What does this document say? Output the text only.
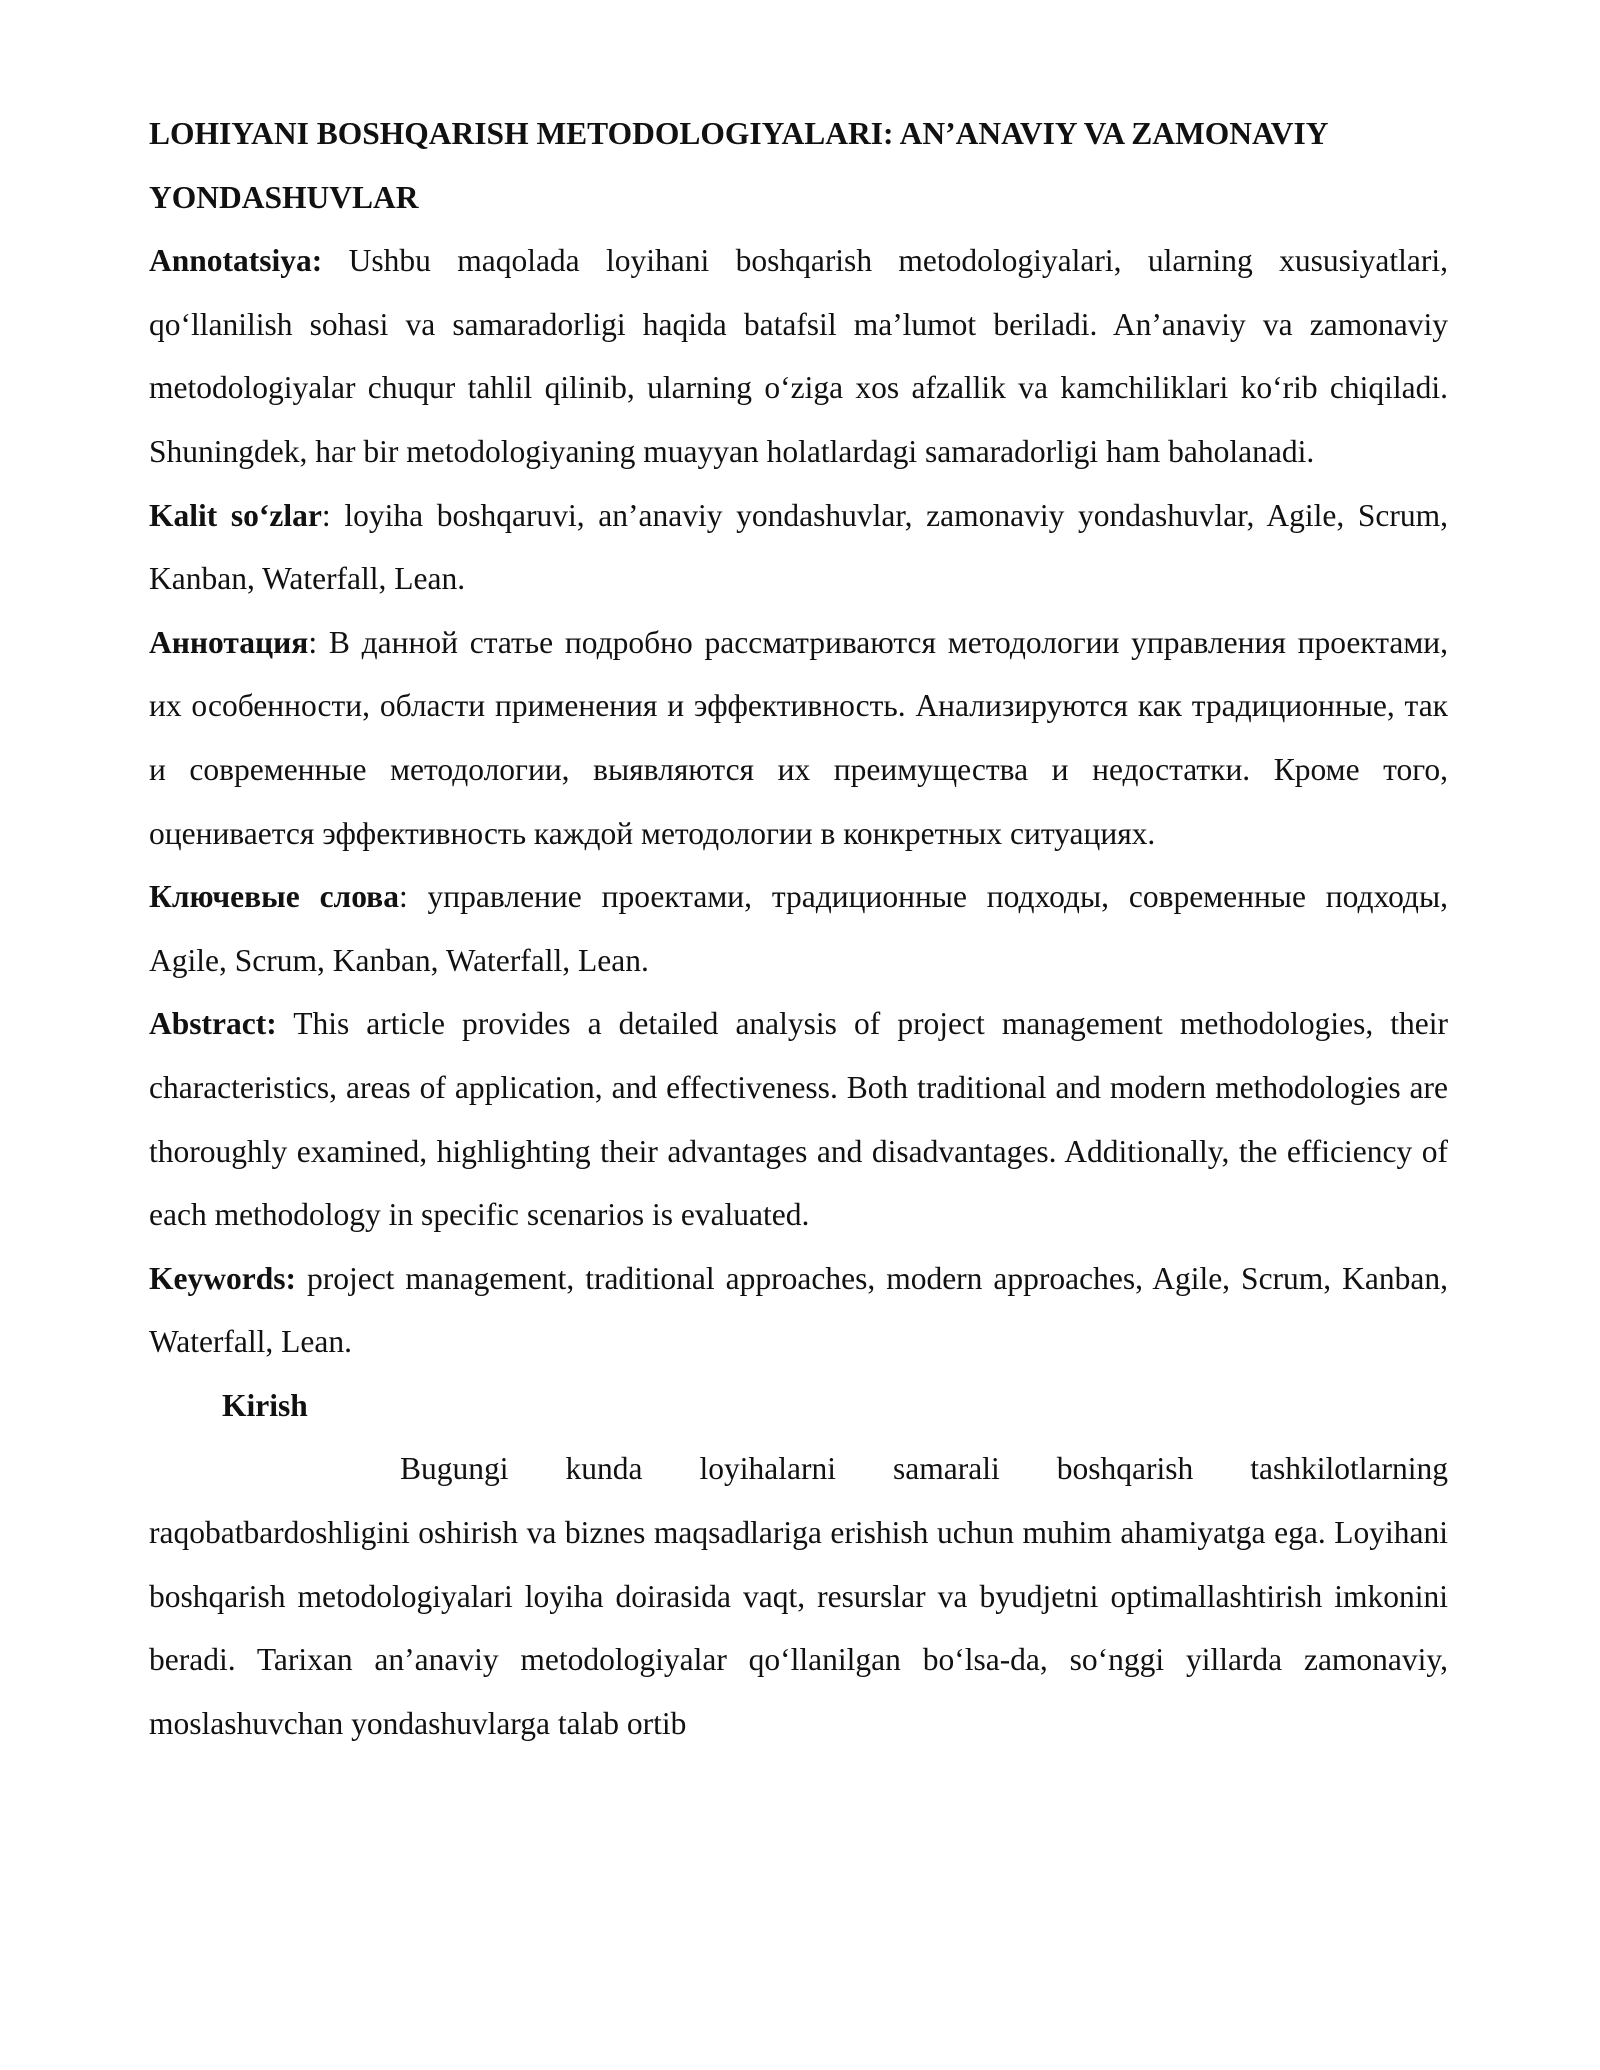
LOHIYANI BOSHQARISH METODOLOGIYALARI: AN’ANAVIY VA ZAMONAVIY YONDASHUVLAR

Annotatsiya: Ushbu maqolada loyihani boshqarish metodologiyalari, ularning xususiyatlari, qo‘llanilish sohasi va samaradorligi haqida batafsil ma’lumot beriladi. An’anaviy va zamonaviy metodologiyalar chuqur tahlil qilinib, ularning o‘ziga xos afzallik va kamchiliklari ko‘rib chiqiladi. Shuningdek, har bir metodologiyaning muayyan holatlardagi samaradorligi ham baholanadi.

Kalit so‘zlar: loyiha boshqaruvi, an’anaviy yondashuvlar, zamonaviy yondashuvlar, Agile, Scrum, Kanban, Waterfall, Lean.

Аннотация: В данной статье подробно рассматриваются методологии управления проектами, их особенности, области применения и эффективность. Анализируются как традиционные, так и современные методологии, выявляются их преимущества и недостатки. Кроме того, оценивается эффективность каждой методологии в конкретных ситуациях.

Ключевые слова: управление проектами, традиционные подходы, современные подходы, Agile, Scrum, Kanban, Waterfall, Lean.

Abstract: This article provides a detailed analysis of project management methodologies, their characteristics, areas of application, and effectiveness. Both traditional and modern methodologies are thoroughly examined, highlighting their advantages and disadvantages. Additionally, the efficiency of each methodology in specific scenarios is evaluated.

Keywords: project management, traditional approaches, modern approaches, Agile, Scrum, Kanban, Waterfall, Lean.

Kirish

Bugungi kunda loyihalarni samarali boshqarish tashkilotlarning raqobatbardoshligini oshirish va biznes maqsadlariga erishish uchun muhim ahamiyatga ega. Loyihani boshqarish metodologiyalari loyiha doirasida vaqt, resurslar va byudjetni optimallashtirish imkonini beradi. Tarixan an’anaviy metodologiyalar qo‘llanilgan bo‘lsa-da, so‘nggi yillarda zamonaviy, moslashuvchan yondashuvlarga talab ortib
